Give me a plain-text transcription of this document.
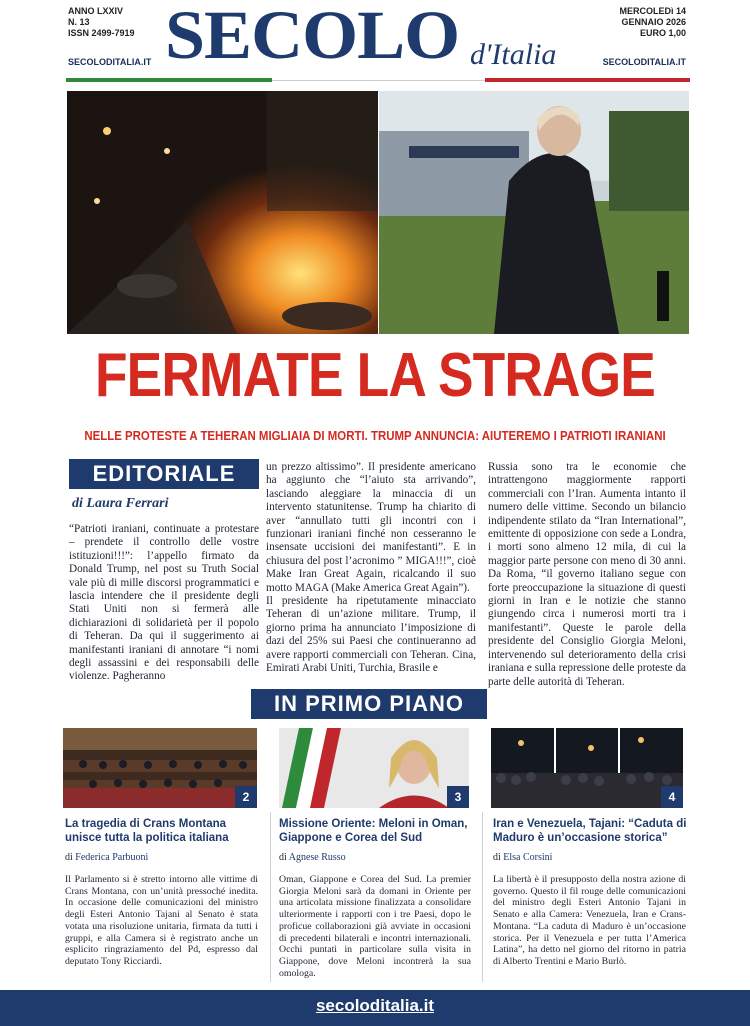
ANNO LXXIV
N. 13
ISSN 2499-7919
MERCOLEDì 14
GENNAIO 2026
EURO 1,00
SECOLO d'Italia
SECOLODITALIA.IT	SECOLODITALIA.IT
FERMATE LA STRAGE
NELLE PROTESTE A TEHERAN MIGLIAIA DI MORTI. TRUMP ANNUNCIA: AIUTEREMO I PATRIOTI IRANIANI
EDITORIALE
di Laura Ferrari
“Patrioti iraniani, continuate a protestare – prendete il controllo delle vostre istituzioni!!!”: l’appello firmato da Donald Trump, nel post su Truth Social vale più di mille discorsi programmatici e lascia intendere che il presidente degli Stati Uniti non si fermerà alle dichiarazioni di solidarietà per il popolo di Teheran. Da qui il suggerimento ai manifestanti iraniani di annotare “i nomi degli assassini e dei responsabili delle violenze. Pagheranno
un prezzo altissimo”. Il presidente americano ha aggiunto che “l’aiuto sta arrivando”, lasciando aleggiare la minaccia di un intervento statunitense. Trump ha chiarito di aver “annullato tutti gli incontri con i funzionari iraniani finché non cesseranno le insensate uccisioni dei manifestanti”. E in chiusura del post l’acronimo ” MIGA!!!”, cioè Make Iran Great Again, ricalcando il suo motto MAGA (Make America Great Again”).
Il presidente ha ripetutamente minacciato Teheran di un’azione militare. Trump, il giorno prima ha annunciato l’imposizione di dazi del 25% sui Paesi che continueranno ad avere rapporti commerciali con Teheran. Cina, Emirati Arabi Uniti, Turchia, Brasile e
Russia sono tra le economie che intrattengono maggiormente rapporti commerciali con l’Iran. Aumenta intanto il numero delle vittime. Secondo un bilancio indipendente stilato da “Iran International”, emittente di opposizione con sede a Londra, i morti sono almeno 12 mila, di cui la maggior parte persone con meno di 30 anni. Da Roma, “il governo italiano segue con forte preoccupazione la situazione di questi giorni in Iran e le notizie che stanno giungendo circa i numerosi morti tra i manifestanti”. Queste le parole della presidente del Consiglio Giorgia Meloni, intervenendo sul deterioramento della crisi iraniana e sulla repressione delle proteste da parte delle autorità di Teheran.
IN PRIMO PIANO
2	3	4
La tragedia di Crans Montana unisce tutta la politica italiana
di Federica Parbuoni
Il Parlamento si è stretto intorno alle vittime di Crans Montana, con un’unità pressoché inedita. In occasione delle comunicazioni del ministro degli Esteri Antonio Tajani al Senato è stata votata una risoluzione unitaria, firmata da tutti i gruppi, e alla Camera si è registrato anche un esplicito ringraziamento del Pd, espresso dal deputato Tony Ricciardi.
Missione Oriente: Meloni in Oman, Giappone e Corea del Sud
di Agnese Russo
Oman, Giappone e Corea del Sud. La premier Giorgia Meloni sarà da domani in Oriente per una articolata missione finalizzata a consolidare ulteriormente i rapporti con i tre Paesi, dopo le proficue collaborazioni già avviate in occasioni di precedenti bilaterali e incontri internazionali. Occhi puntati in particolare sulla visita in Giappone, dove Meloni incontrerà la sua omologa.
Iran e Venezuela, Tajani: “Caduta di Maduro è un’occasione storica”
di Elsa Corsini
La libertà è il presupposto della nostra azione di governo. Questo il fil rouge delle comunicazioni del ministro degli Esteri Antonio Tajani in Senato e alla Camera: Venezuela, Iran e Crans-Montana. “La caduta di Maduro è un’occasione storica. Per il Venezuela e per tutta l’America Latina”, ha detto nel giorno del ritorno in patria di Alberto Trentini e Mario Burlò.
secoloditalia.it
